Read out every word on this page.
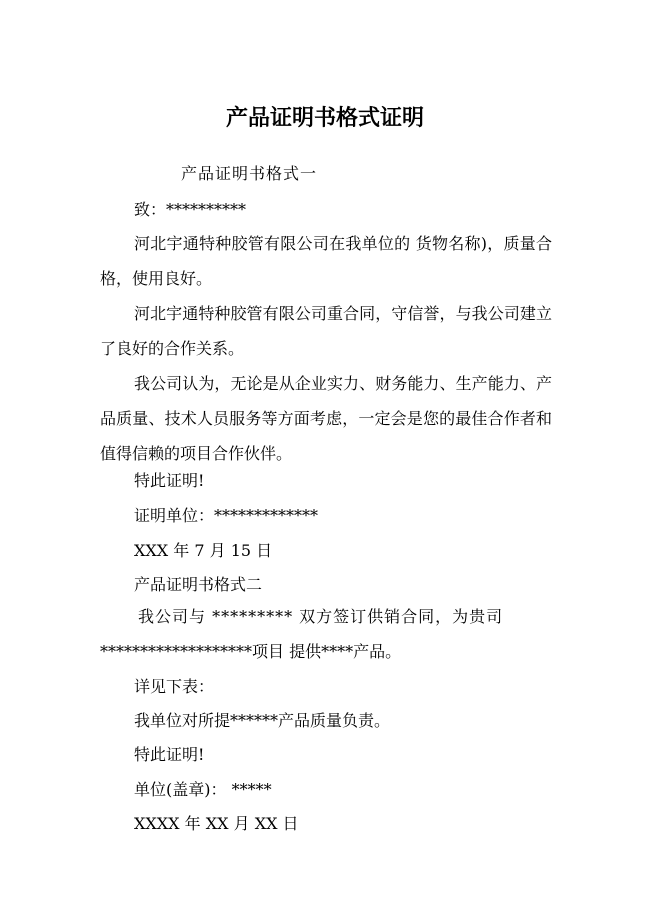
产品证明书格式证明

产品证明书格式一

致：**********

河北宇通特种胶管有限公司在我单位的 货物名称)，质量合格，使用良好。

河北宇通特种胶管有限公司重合同，守信誉，与我公司建立了良好的合作关系。

我公司认为，无论是从企业实力、财务能力、生产能力、产品质量、技术人员服务等方面考虑，一定会是您的最佳合作者和值得信赖的项目合作伙伴。

特此证明!

证明单位：*************

XXX 年 7 月 15 日

产品证明书格式二

我公司与 ********* 双方签订供销合同，为贵司

*******************项目 提供****产品。

详见下表：

我单位对所提******产品质量负责。

特此证明!

单位(盖章)： *****

XXXX 年 XX 月 XX 日
